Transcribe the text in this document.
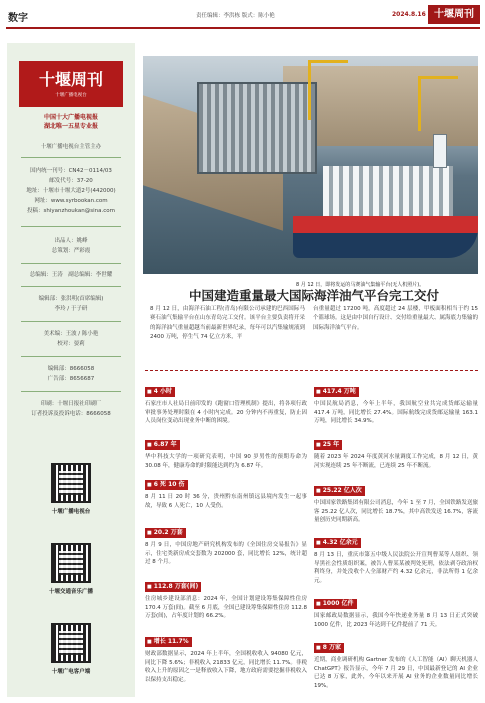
数字	责任编辑：李洪栋 版式：陈小艳	2024.8.16 十堰周刊
十堰周刊
十堰广播电视台
中国十大广播电视报
湖北唯一五星专业报
十堰广播电视台主管主办
国内统一刊号：CN42－0114/03
邮发代号：37-20
地址：十堰市十堰大道2号(442000)
网址：www.syrbookan.com
投稿：shiyanzhoukan@sina.com
出品人：姚峰
总策划：严彩霞
总编辑：王涛　副总编辑：李世耀
编辑部：张洪明(首席编辑)
李玲 / 于子研
美术编：王波 / 陈小艳
校对：晏莉
编辑部：8666058
广告部：8656687
印刷：十堰日报社印刷厂
订者投诉及投诉电话：8666058
十堰广播电视台
十堰交通音乐广播
十堰广电客户端
8 月 12 日，即将发运的马赛油气集输平台(无人机照片)。
中国建造重量最大国际海洋油气平台完工交付
8 月 12 日，由海洋石油工程(青岛)有限公司承建的巴西国际马赛石油气集输平台在山东青岛完工交付。该平台主要负责将开采的海洋油气重量超越当前最新世界纪录，每年可以汽集输规液到 2400 万吨，停生气 74 亿立方米，平
台重量超过 17200 吨，高度超过 24 层楼，甲板面积相当于约 15 个篮球场。这是由中国自行设计、交付给重量最大、属海底力集输的国际海洋油气平台。
■ 4 小时
石家庄市人社局日前印发的《跑窗口管理机制》提出，将各项行政审批事务处理时限在 4 小时内完成。20 分钟内不再重复，防止因人员岗位变动出现业务中断的困境。
■ 6.87 年
华中科技大学的一项研究表明，中国 90 岁男性的预期寿命为 30.08 年，健康寿命的时限能达到约为 6.87 年。
■ 6 死 10 伤
8 月 11 日 20 时 36 分，贵州黔东南州镇远县境内发生一起事故，导致 6 人死亡，10 人受伤。
■ 20.2 万套
8 月 9 日，中国房地产研究机构发布的《全国住房交易报告》显示，住宅类新房成交套数为 202000 套，同比增长 12%，统计超过 8 个月。
■ 112.8 万套(间)
住房城乡建设部消息：2024 年，全国计划建设筹集保障性住房 170.4 万套(间)。截至 6 月底，全国已建设筹集保障性住房 112.8 万套(间)，占年度计划的 66.2%。
■ 增长 11.7%
财政部数据显示，2024 年上半年，全国税收收入 94080 亿元，同比下降 5.6%；非税收入 21833 亿元，同比增长 11.7%。非税收入上升的原因之一是释放收入下降，地方政府需要挖掘非税收入以保持支出稳定。
■ 417.4 万吨
中国民航局消息，今年上半年，我国航空业共完成货邮运输量 417.4 万吨，同比增长 27.4%。国际航线完成货邮运输量 163.1 万吨，同比增长 34.9%。
■ 25 年
随着 2023 年 2024 年度黄河水量调度工作完成，8 月 12 日，黄河实现连续 25 年不断流，已连续 25 年不断流。
■ 25.22 亿人次
中国国家铁路集团有限公司消息，今年 1 至 7 月，全国铁路发送旅客 25.22 亿人次，同比增长 18.7%，其中高铁发送 16.7%，客流量创历史同期新高。
■ 4.32 亿余元
8 月 13 日，重庆市第五中级人民法院公开宣判曹某等人组织、领导黑社会性质组织案，被告人曹某某被判处死刑，依法剥夺政治权利终身，并处没收个人全部财产约 4.32 亿余元，非法所得 1 亿余元。
■ 1000 亿件
国家邮政局数据显示，我国今年快递业务量 8 月 13 日正式突破 1000 亿件，比 2023 年达到千亿件提前了 71 天。
■ 8 万家
近期，商业调研机构 Gartner 发布的《人工智能（AI）聊天机器人 ChatGPT》报告显示，今年 7 月 29 日，中国最新登记的 AI 企业已达 8 万家，此外，今年以来开展 AI 业务的企业数量同比增长 19%。
